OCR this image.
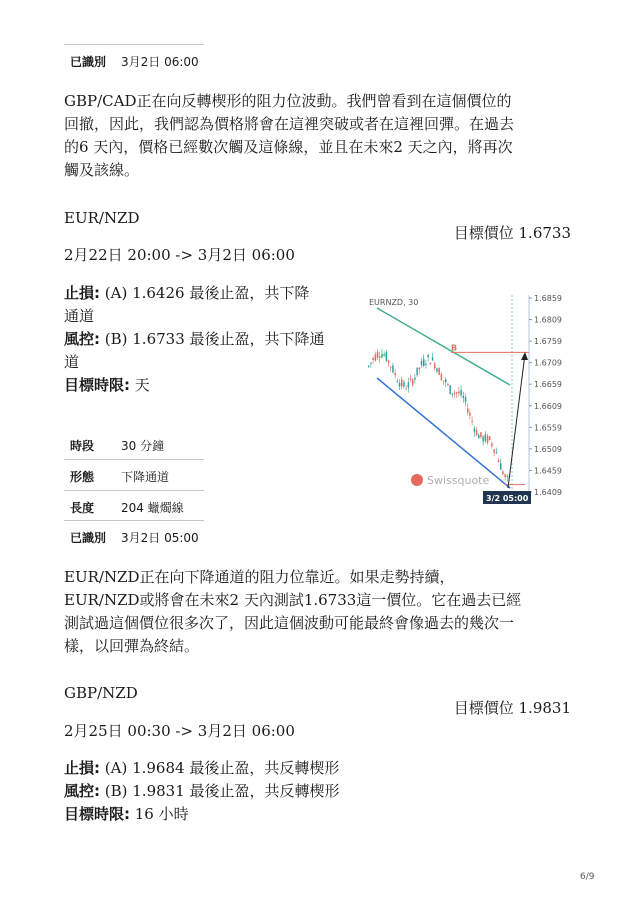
已識別 3月2日 06:00
GBP/CAD正在向反轉楔形的阻力位波動。我們曾看到在這個價位的
回撤，因此，我們認為價格將會在這裡突破或者在這裡回彈。在過去
的6 天內，價格已經數次觸及這條線，並且在未來2 天之內，將再次
觸及該線。
EUR/NZD
目標價位 1.6733
2月22日 20:00 -> 3月2日 06:00
止損: (A) 1.6426 最後止盈，共下降
通道
風控: (B) 1.6733 最後止盈，共下降通
道
目標時限: 天
時段 30 分鐘
形態 下降通道
長度 204 蠟燭線
已識別 3月2日 05:00
EURNZD, 30	1.6859
1.6809
1.6759
1.6709
1.6659
1.6609
1.6559
1.6509
1.6459
1.6409
B
Swissquote
3/2 05:00
EUR/NZD正在向下降通道的阻力位靠近。如果走勢持續，
EUR/NZD或將會在未來2 天內測試1.6733這一價位。它在過去已經
測試過這個價位很多次了，因此這個波動可能最終會像過去的幾次一
樣，以回彈為終結。
GBP/NZD
目標價位 1.9831
2月25日 00:30 -> 3月2日 06:00
止損: (A) 1.9684 最後止盈，共反轉楔形
風控: (B) 1.9831 最後止盈，共反轉楔形
目標時限: 16 小時
6/9
